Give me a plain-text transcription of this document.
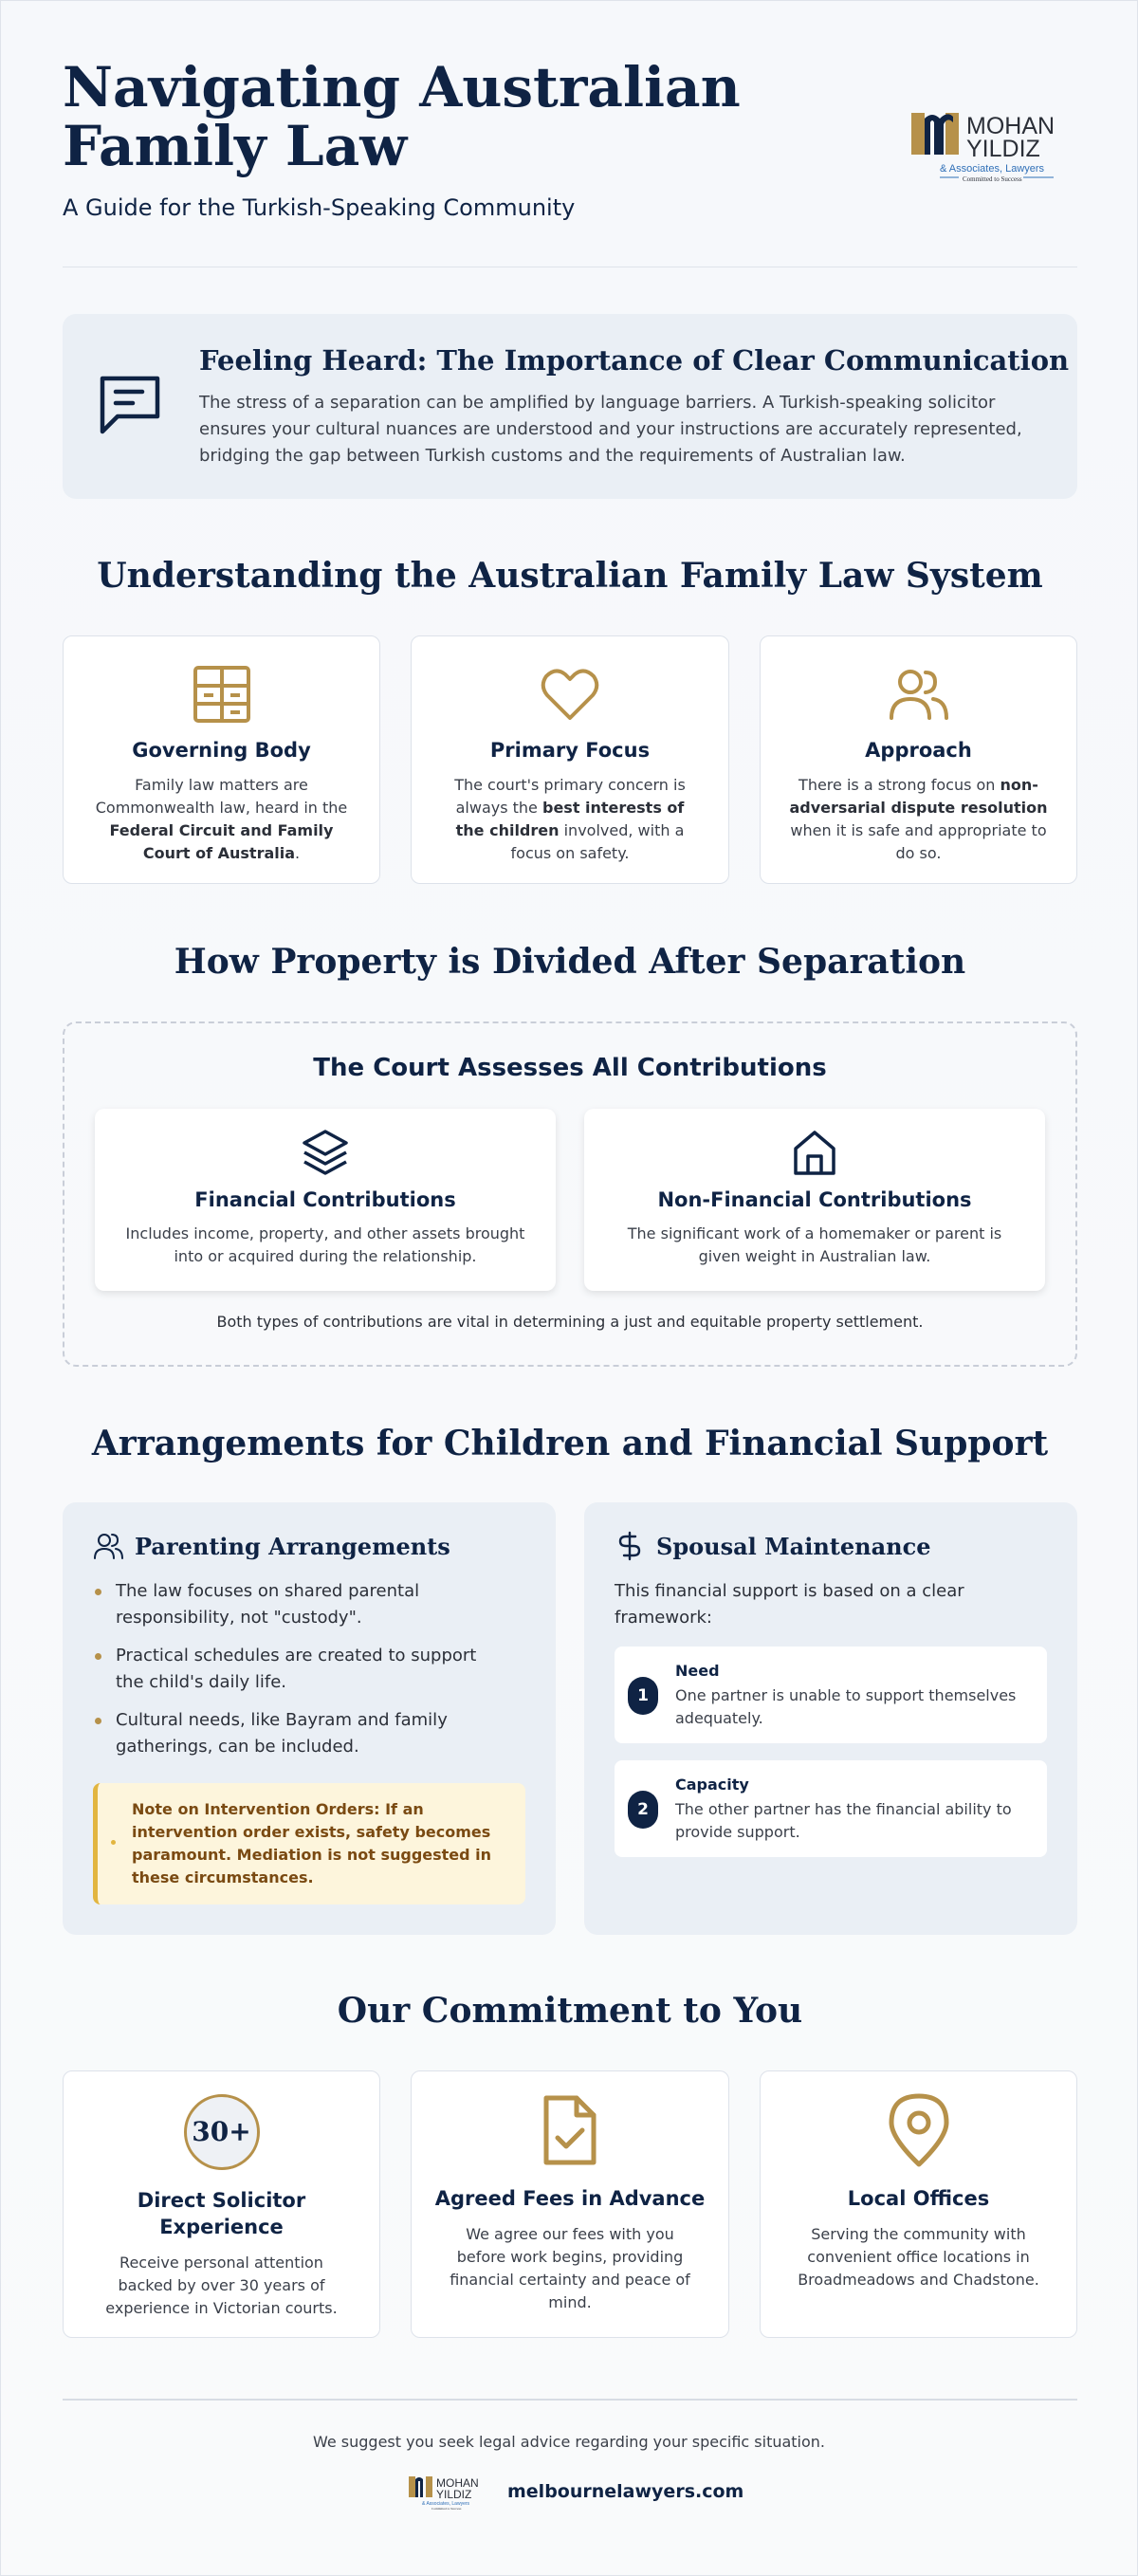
Navigating Australian Family Law
A Guide for the Turkish-Speaking Community
MOHAN
YILDIZ
& Associates, Lawyers
Committed to Success
Feeling Heard: The Importance of Clear Communication
The stress of a separation can be amplified by language barriers. A Turkish-speaking solicitor ensures your cultural nuances are understood and your instructions are accurately represented, bridging the gap between Turkish customs and the requirements of Australian law.
Understanding the Australian Family Law System
Governing Body

Family law matters are Commonwealth law, heard in the Federal Circuit and Family Court of Australia.

Primary Focus

The court's primary concern is always the best interests of the children involved, with a focus on safety.

Approach

There is a strong focus on non-adversarial dispute resolution when it is safe and appropriate to do so.

How Property is Divided After Separation
The Court Assesses All Contributions
Financial Contributions

Includes income, property, and other assets brought into or acquired during the relationship.

Non-Financial Contributions

The significant work of a homemaker or parent is given weight in Australian law.

Both types of contributions are vital in determining a just and equitable property settlement.
Arrangements for Children and Financial Support
Parenting Arrangements
The law focuses on shared parental responsibility, not "custody".
Practical schedules are created to support the child's daily life.
Cultural needs, like Bayram and family gatherings, can be included.

Note on Intervention Orders: If an intervention order exists, safety becomes paramount. Mediation is not suggested in these circumstances.

Spousal Maintenance
This financial support is based on a clear framework:
1
Need

One partner is unable to support themselves adequately.

2
Capacity

The other partner has the financial ability to provide support.

Our Commitment to You
30+
Direct Solicitor Experience

Receive personal attention backed by over 30 years of experience in Victorian courts.

Agreed Fees in Advance

We agree our fees with you before work begins, providing financial certainty and peace of mind.

Local Offices

Serving the community with convenient office locations in Broadmeadows and Chadstone.

We suggest you seek legal advice regarding your specific situation.
MOHAN
YILDIZ
& Associates, Lawyers
Committed to Success
melbournelawyers.com
